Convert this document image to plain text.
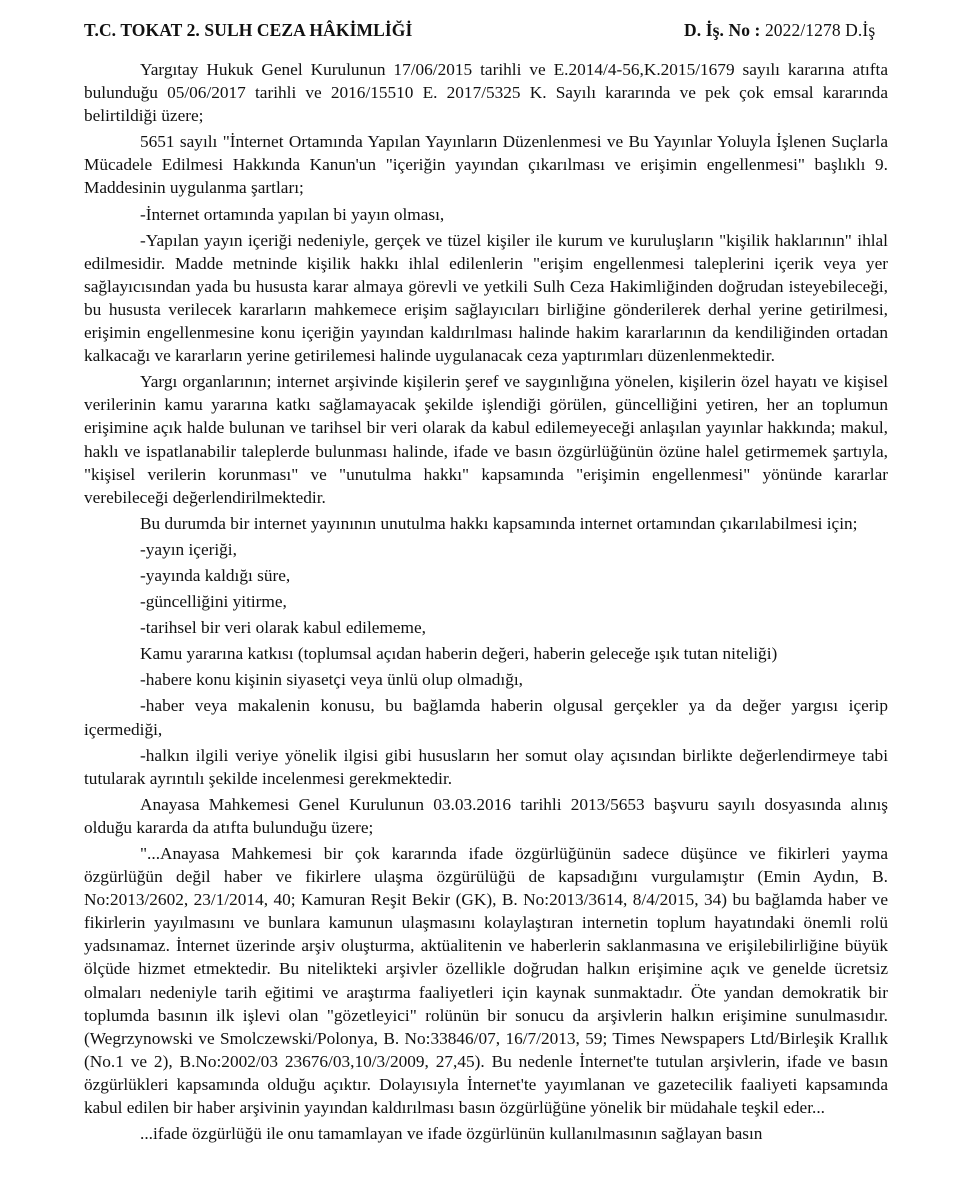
T.C. TOKAT 2. SULH CEZA HÂKİMLİĞİ	D. İş. No : 2022/1278 D.İş

Yargıtay Hukuk Genel Kurulunun 17/06/2015 tarihli ve E.2014/4-56,K.2015/1679 sayılı kararına atıfta bulunduğu 05/06/2017 tarihli ve 2016/15510 E. 2017/5325 K. Sayılı kararında ve pek çok emsal kararında belirtildiği üzere;

5651 sayılı "İnternet Ortamında Yapılan Yayınların Düzenlenmesi ve Bu Yayınlar Yoluyla İşlenen Suçlarla Mücadele Edilmesi Hakkında Kanun'un "içeriğin yayından çıkarılması ve erişimin engellenmesi" başlıklı 9. Maddesinin uygulanma şartları;

-İnternet ortamında yapılan bi yayın olması,

-Yapılan yayın içeriği nedeniyle, gerçek ve tüzel kişiler ile kurum ve kuruluşların "kişilik haklarının" ihlal edilmesidir. Madde metninde kişilik hakkı ihlal edilenlerin "erişim engellenmesi taleplerini içerik veya yer sağlayıcısından yada bu hususta karar almaya görevli ve yetkili Sulh Ceza Hakimliğinden doğrudan isteyebileceği, bu hususta verilecek kararların mahkemece erişim sağlayıcıları birliğine gönderilerek derhal yerine getirilmesi, erişimin engellenmesine konu içeriğin yayından kaldırılması halinde hakim kararlarının da kendiliğinden ortadan kalkacağı ve kararların yerine getirilemesi halinde uygulanacak ceza yaptırımları düzenlenmektedir.

Yargı organlarının; internet arşivinde kişilerin şeref ve saygınlığına yönelen, kişilerin özel hayatı ve kişisel verilerinin kamu yararına katkı sağlamayacak şekilde işlendiği görülen, güncelliğini yetiren, her an toplumun erişimine açık halde bulunan ve tarihsel bir veri olarak da kabul edilemeyeceği anlaşılan yayınlar hakkında; makul, haklı ve ispatlanabilir taleplerde bulunması halinde, ifade ve basın özgürlüğünün özüne halel getirmemek şartıyla, "kişisel verilerin korunması" ve "unutulma hakkı" kapsamında "erişimin engellenmesi" yönünde kararlar verebileceği değerlendirilmektedir.

Bu durumda bir internet yayınının unutulma hakkı kapsamında internet ortamından çıkarılabilmesi için;

-yayın içeriği,

-yayında kaldığı süre,

-güncelliğini yitirme,

-tarihsel bir veri olarak kabul edilememe,

Kamu yararına katkısı (toplumsal açıdan haberin değeri, haberin geleceğe ışık tutan niteliği)

-habere konu kişinin siyasetçi veya ünlü olup olmadığı,

-haber veya makalenin konusu, bu bağlamda haberin olgusal gerçekler ya da değer yargısı içerip içermediği,

-halkın ilgili veriye yönelik ilgisi gibi hususların her somut olay açısından birlikte değerlendirmeye tabi tutularak ayrıntılı şekilde incelenmesi gerekmektedir.

Anayasa Mahkemesi Genel Kurulunun 03.03.2016 tarihli 2013/5653 başvuru sayılı dosyasında alınış olduğu kararda da atıfta bulunduğu üzere;

"...Anayasa Mahkemesi bir çok kararında ifade özgürlüğünün sadece düşünce ve fikirleri yayma özgürlüğün değil haber ve fikirlere ulaşma özgürülüğü de kapsadığını vurgulamıştır (Emin Aydın, B. No:2013/2602, 23/1/2014, 40; Kamuran Reşit Bekir (GK), B. No:2013/3614, 8/4/2015, 34) bu bağlamda haber ve fikirlerin yayılmasını ve bunlara kamunun ulaşmasını kolaylaştıran internetin toplum hayatındaki önemli rolü yadsınamaz. İnternet üzerinde arşiv oluşturma, aktüalitenin ve haberlerin saklanmasına ve erişilebilirliğine büyük ölçüde hizmet etmektedir. Bu nitelikteki arşivler özellikle doğrudan halkın erişimine açık ve genelde ücretsiz olmaları nedeniyle tarih eğitimi ve araştırma faaliyetleri için kaynak sunmaktadır. Öte yandan demokratik bir toplumda basının ilk işlevi olan "gözetleyici" rolünün bir sonucu da arşivlerin halkın erişimine sunulmasıdır. (Wegrzynowski ve Smolczewski/Polonya, B. No:33846/07, 16/7/2013, 59; Times Newspapers Ltd/Birleşik Krallık (No.1 ve 2), B.No:2002/03 23676/03,10/3/2009, 27,45). Bu nedenle İnternet'te tutulan arşivlerin, ifade ve basın özgürlükleri kapsamında olduğu açıktır. Dolayısıyla İnternet'te yayımlanan ve gazetecilik faaliyeti kapsamında kabul edilen bir haber arşivinin yayından kaldırılması basın özgürlüğüne yönelik bir müdahale teşkil eder...

...ifade özgürlüğü ile onu tamamlayan ve ifade özgürlünün kullanılmasının sağlayan basın
